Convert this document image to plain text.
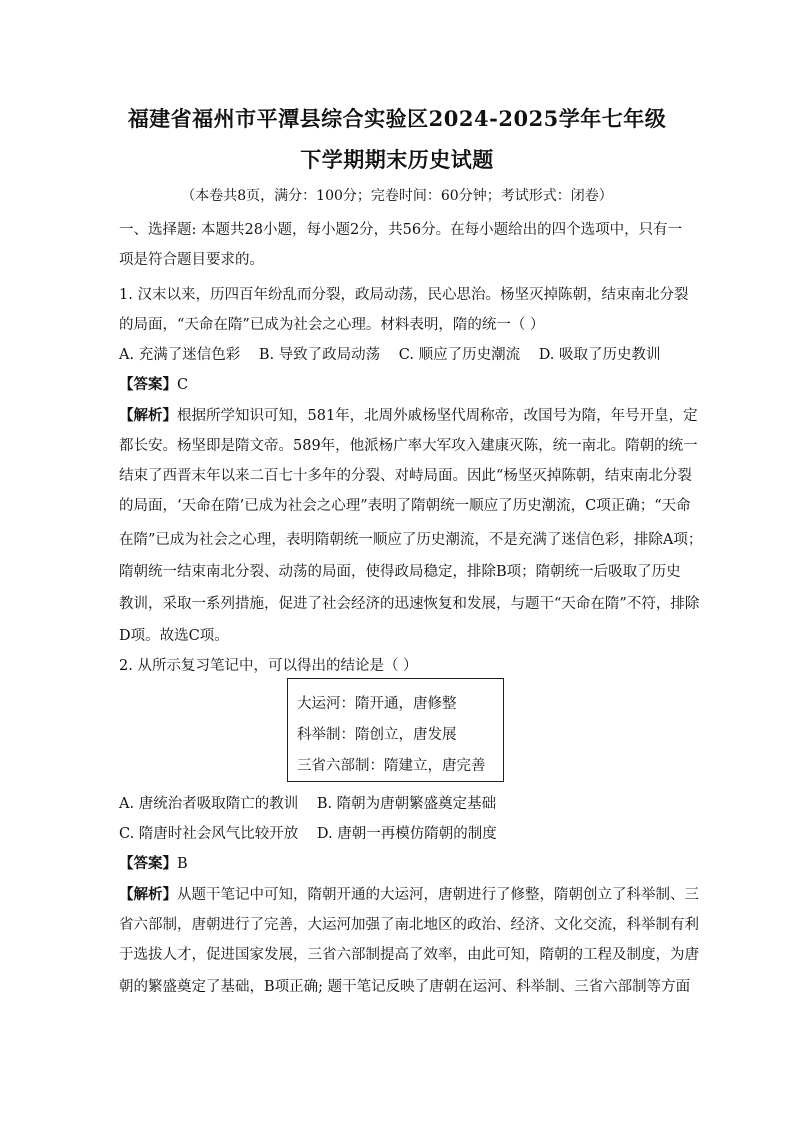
福建省福州市平潭县综合实验区2024-2025学年七年级
下学期期末历史试题
（本卷共8页，满分：100分；完卷时间：60分钟；考试形式：闭卷）
一、选择题: 本题共28小题，每小题2分，共56分。在每小题给出的四个选项中，只有一
项是符合题目要求的。
1. 汉末以来，历四百年纷乱而分裂，政局动荡，民心思治。杨坚灭掉陈朝，结束南北分裂
的局面，“天命在隋”已成为社会之心理。材料表明，隋的统一（ ）
A. 充满了迷信色彩 B. 导致了政局动荡 C. 顺应了历史潮流 D. 吸取了历史教训
【答案】C
【解析】根据所学知识可知，581年，北周外戚杨坚代周称帝，改国号为隋，年号开皇，定
都长安。杨坚即是隋文帝。589年，他派杨广率大军攻入建康灭陈，统一南北。隋朝的统一
结束了西晋末年以来二百七十多年的分裂、对峙局面。因此“杨坚灭掉陈朝，结束南北分裂
的局面，‘天命在隋’已成为社会之心理”表明了隋朝统一顺应了历史潮流，C项正确；“天命
在隋”已成为社会之心理，表明隋朝统一顺应了历史潮流，不是充满了迷信色彩，排除A项；
隋朝统一结束南北分裂、动荡的局面，使得政局稳定，排除B项；隋朝统一后吸取了历史
教训，采取一系列措施，促进了社会经济的迅速恢复和发展，与题干“天命在隋”不符，排除
D项。故选C项。
2. 从所示复习笔记中，可以得出的结论是（ ）
大运河：隋开通，唐修整
科举制：隋创立，唐发展
三省六部制：隋建立，唐完善
A. 唐统治者吸取隋亡的教训 B. 隋朝为唐朝繁盛奠定基础
C. 隋唐时社会风气比较开放 D. 唐朝一再模仿隋朝的制度
【答案】B
【解析】从题干笔记中可知，隋朝开通的大运河，唐朝进行了修整，隋朝创立了科举制、三
省六部制，唐朝进行了完善，大运河加强了南北地区的政治、经济、文化交流，科举制有利
于选拔人才，促进国家发展，三省六部制提高了效率，由此可知，隋朝的工程及制度，为唐
朝的繁盛奠定了基础，B项正确; 题干笔记反映了唐朝在运河、科举制、三省六部制等方面
